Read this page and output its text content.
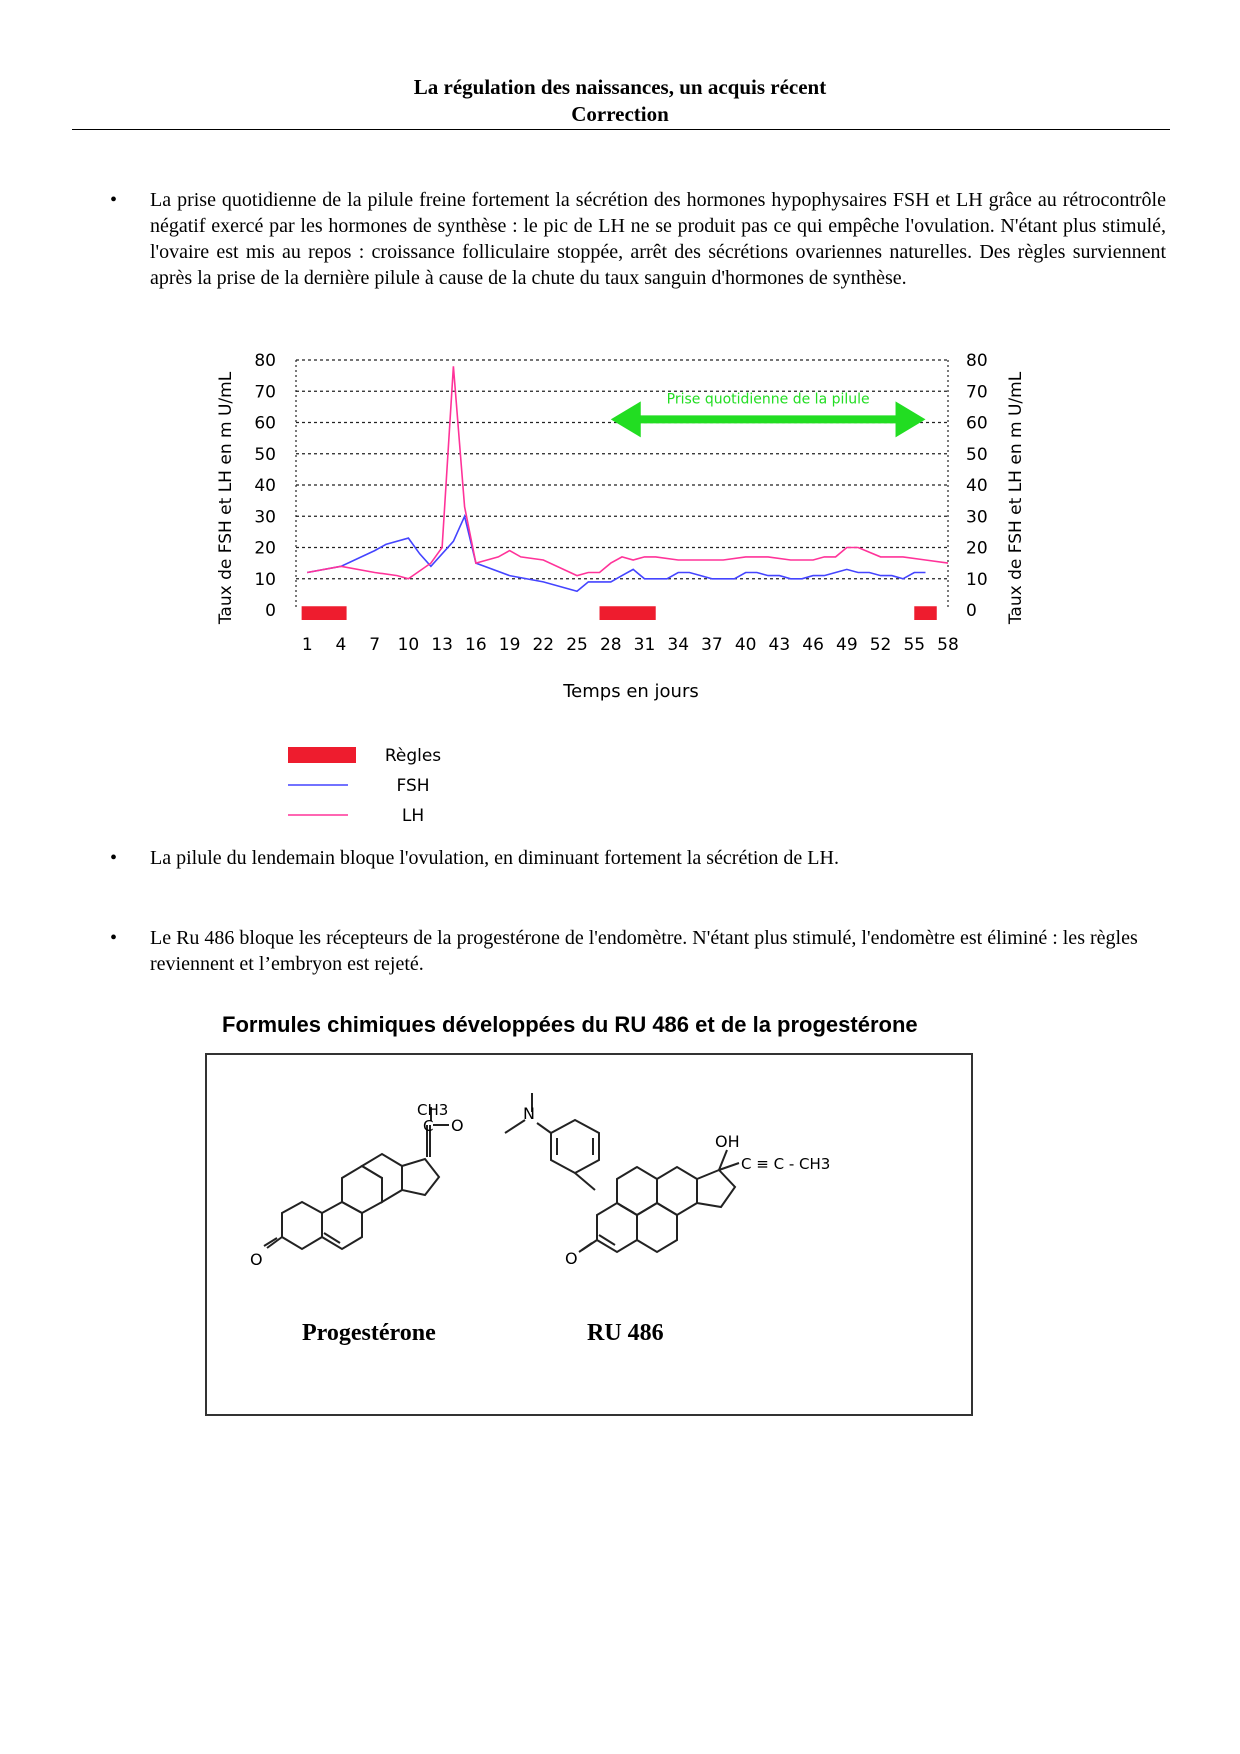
La régulation des naissances, un acquis récent
Correction
• La prise quotidienne de la pilule freine fortement la sécrétion des hormones hypophysaires FSH et LH grâce au rétrocontrôle négatif exercé par les hormones de synthèse : le pic de LH ne se produit pas ce qui empêche l'ovulation. N'étant plus stimulé, l'ovaire est mis au repos : croissance folliculaire stoppée, arrêt des sécrétions ovariennes naturelles. Des règles surviennent après la prise de la dernière pilule à cause de la chute du taux sanguin d'hormones de synthèse.
0
10
20
30
40
50
60
70
80
0
10
20
30
40
50
60
70
80
1 4 7 10 13 16 19 22 25 28 31 34 37 40 43 46 49 52 55 58
Prise quotidienne de la pilule
Taux de FSH et LH en m U/mL	Taux de FSH et LH en m U/mL
Temps en jours
Règles
FSH
LH
• La pilule du lendemain bloque l'ovulation, en diminuant fortement la sécrétion de LH.
• Le Ru 486 bloque les récepteurs de la progestérone de l'endomètre. N'étant plus stimulé, l'endomètre est éliminé : les règles reviennent et l’embryon est rejeté.
Formules chimiques développées du RU 486 et de la progestérone
O
O
CH3
C
Progestérone
O
N
OH
C ≡ C - CH3
RU 486
